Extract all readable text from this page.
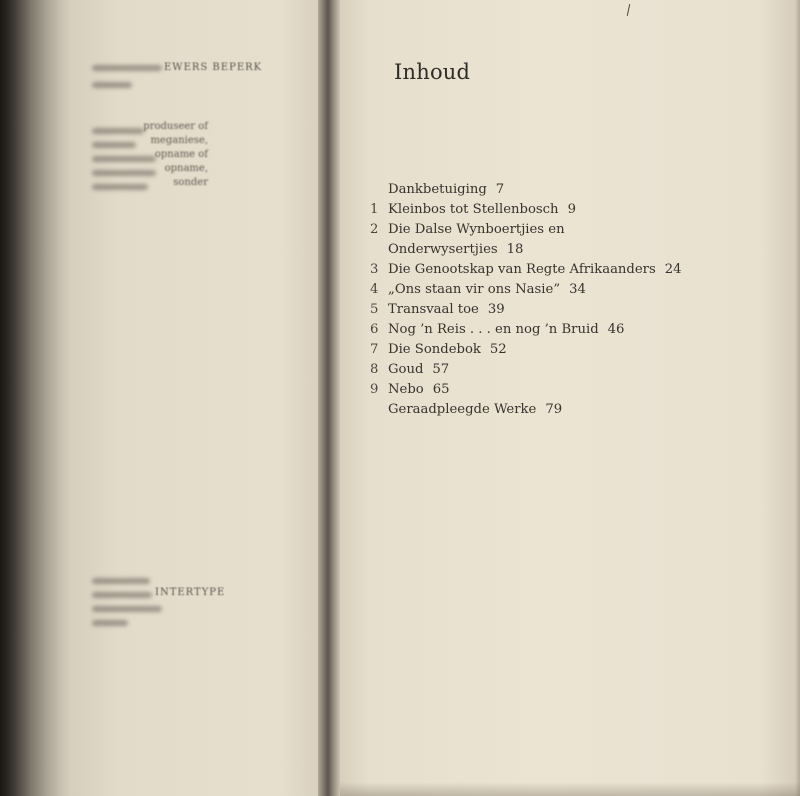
EWERS BEPERK
produseer of
meganiese,
opname of
opname,
sonder
INTERTYPE
Inhoud
Dankbetuiging 7
1 Kleinbos tot Stellenbosch 9
2 Die Dalse Wynboertjies en
Onderwysertjies 18
3 Die Genootskap van Regte Afrikaanders 24
4 „Ons staan vir ons Nasie” 34
5 Transvaal toe 39
6 Nog ’n Reis . . . en nog ’n Bruid 46
7 Die Sondebok 52
8 Goud 57
9 Nebo 65
Geraadpleegde Werke 79
